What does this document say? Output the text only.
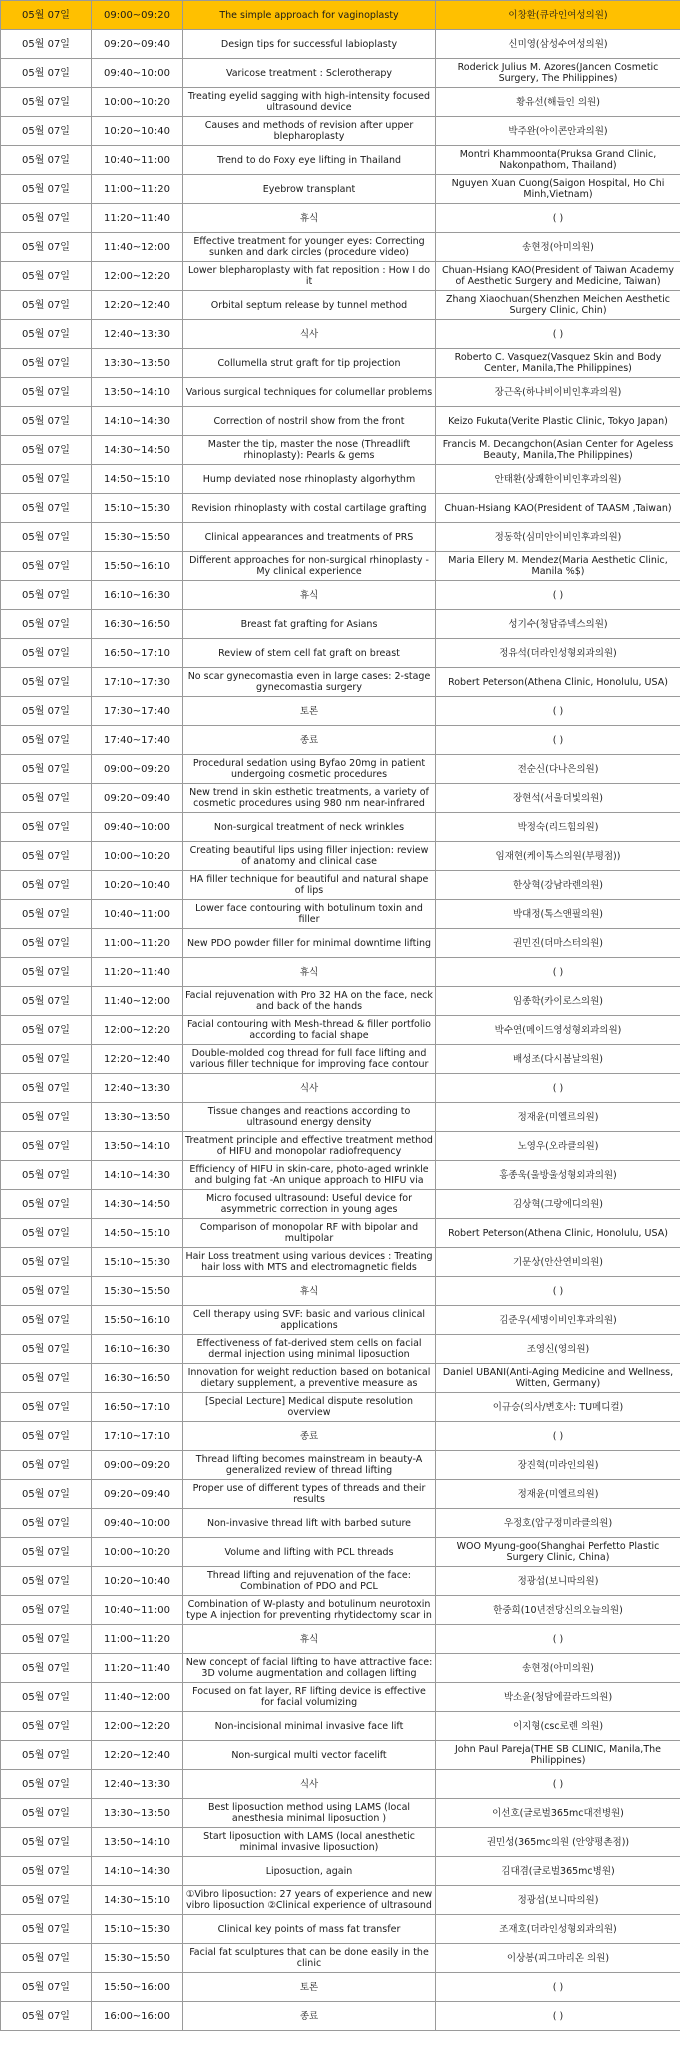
05월 07일	09:00~09:20	The simple approach for vaginoplasty	이창환(큐라인여성의원)
05월 07일	09:20~09:40	Design tips for successful labioplasty	신미영(삼성수여성의원)
05월 07일	09:40~10:00	Varicose treatment : Sclerotherapy	Roderick Julius M. Azores(Jancen Cosmetic Surgery, The Philippines)
05월 07일	10:00~10:20	Treating eyelid sagging with high-intensity focused ultrasound device	황유선(해들인 의원)
05월 07일	10:20~10:40	Causes and methods of revision after upper blepharoplasty	박주완(아이콘안과의원)
05월 07일	10:40~11:00	Trend to do Foxy eye lifting in Thailand	Montri Khammoonta(Pruksa Grand Clinic, Nakonpathom, Thailand)
05월 07일	11:00~11:20	Eyebrow transplant	Nguyen Xuan Cuong(Saigon Hospital, Ho Chi Minh,Vietnam)
05월 07일	11:20~11:40	휴식	( )
05월 07일	11:40~12:00	Effective treatment for younger eyes: Correcting sunken and dark circles (procedure video)	송현정(아미의원)
05월 07일	12:00~12:20	Lower blepharoplasty with fat reposition : How I do it	Chuan-Hsiang KAO(President of Taiwan Academy of Aesthetic Surgery and Medicine, Taiwan)
05월 07일	12:20~12:40	Orbital septum release by tunnel method	Zhang Xiaochuan(Shenzhen Meichen Aesthetic Surgery Clinic, Chin)
05월 07일	12:40~13:30	식사	( )
05월 07일	13:30~13:50	Collumella strut graft for tip projection	Roberto C. Vasquez(Vasquez Skin and Body Center, Manila,The Philippines)
05월 07일	13:50~14:10	Various surgical techniques for columellar problems	장근옥(하나비이비인후과의원)
05월 07일	14:10~14:30	Correction of nostril show from the front	Keizo Fukuta(Verite Plastic Clinic, Tokyo Japan)
05월 07일	14:30~14:50	Master the tip, master the nose (Threadlift rhinoplasty): Pearls & gems	Francis M. Decangchon(Asian Center for Ageless Beauty, Manila,The Philippines)
05월 07일	14:50~15:10	Hump deviated nose rhinoplasty algorhythm	안태환(상쾌한이비인후과의원)
05월 07일	15:10~15:30	Revision rhinoplasty with costal cartilage grafting	Chuan-Hsiang KAO(President of TAASM ,Taiwan)
05월 07일	15:30~15:50	Clinical appearances and treatments of PRS	정동학(심미안이비인후과의원)
05월 07일	15:50~16:10	Different approaches for non-surgical rhinoplasty - My clinical experience	Maria Ellery M. Mendez(Maria Aesthetic Clinic, Manila %$)
05월 07일	16:10~16:30	휴식	( )
05월 07일	16:30~16:50	Breast fat grafting for Asians	성기수(청담쥬넥스의원)
05월 07일	16:50~17:10	Review of stem cell fat graft on breast	정유석(더라인성형외과의원)
05월 07일	17:10~17:30	No scar gynecomastia even in large cases: 2-stage gynecomastia surgery	Robert Peterson(Athena Clinic, Honolulu, USA)
05월 07일	17:30~17:40	토론	( )
05월 07일	17:40~17:40	종료	( )
05월 07일	09:00~09:20	Procedural sedation using Byfao 20mg in patient undergoing cosmetic procedures	전순신(다나은의원)
05월 07일	09:20~09:40	New trend in skin esthetic treatments, a variety of cosmetic procedures using 980 nm near-infrared	장현석(서울더빛의원)
05월 07일	09:40~10:00	Non-surgical treatment of neck wrinkles	박정숙(리드힘의원)
05월 07일	10:00~10:20	Creating beautiful lips using filler injection: review of anatomy and clinical case	임재현(케이톡스의원(부평점))
05월 07일	10:20~10:40	HA filler technique for beautiful and natural shape of lips	한상혁(강남라렌의원)
05월 07일	10:40~11:00	Lower face contouring with botulinum toxin and filler	박대정(톡스앤필의원)
05월 07일	11:00~11:20	New PDO powder filler for minimal downtime lifting	권민진(더마스터의원)
05월 07일	11:20~11:40	휴식	( )
05월 07일	11:40~12:00	Facial rejuvenation with Pro 32 HA on the face, neck and back of the hands	임종학(카이로스의원)
05월 07일	12:00~12:20	Facial contouring with Mesh-thread & filler portfolio according to facial shape	박수연(메이드영성형외과의원)
05월 07일	12:20~12:40	Double-molded cog thread for full face lifting and various filler technique for improving face contour	배성조(다시봄날의원)
05월 07일	12:40~13:30	식사	( )
05월 07일	13:30~13:50	Tissue changes and reactions according to ultrasound energy density	정재윤(미엘르의원)
05월 07일	13:50~14:10	Treatment principle and effective treatment method of HIFU and monopolar radiofrequency	노영우(오라클의원)
05월 07일	14:10~14:30	Efficiency of HIFU in skin-care, photo-aged wrinkle and bulging fat -An unique approach to HIFU via	홍종욱(울방울성형외과의원)
05월 07일	14:30~14:50	Micro focused ultrasound: Useful device for asymmetric correction in young ages	김상혁(그랑에디의원)
05월 07일	14:50~15:10	Comparison of monopolar RF with bipolar and multipolar	Robert Peterson(Athena Clinic, Honolulu, USA)
05월 07일	15:10~15:30	Hair Loss treatment using various devices : Treating hair loss with MTS and electromagnetic fields	기문상(안산연비의원)
05월 07일	15:30~15:50	휴식	( )
05월 07일	15:50~16:10	Cell therapy using SVF: basic and various clinical applications	김준우(세명이비인후과의원)
05월 07일	16:10~16:30	Effectiveness of fat-derived stem cells on facial dermal injection using minimal liposuction	조영신(영의원)
05월 07일	16:30~16:50	Innovation for weight reduction based on botanical dietary supplement, a preventive measure as	Daniel UBANI(Anti-Aging Medicine and Wellness, Witten, Germany)
05월 07일	16:50~17:10	[Special Lecture] Medical dispute resolution overview	이규승(의사/변호사: TU메디컬)
05월 07일	17:10~17:10	종료	( )
05월 07일	09:00~09:20	Thread lifting becomes mainstream in beauty-A generalized review of thread lifting	장진혁(미라인의원)
05월 07일	09:20~09:40	Proper use of different types of threads and their results	정재윤(미엘르의원)
05월 07일	09:40~10:00	Non-invasive thread lift with barbed suture	우정호(압구정미라클의원)
05월 07일	10:00~10:20	Volume and lifting with PCL threads	WOO Myung-goo(Shanghai Perfetto Plastic Surgery Clinic, China)
05월 07일	10:20~10:40	Thread lifting and rejuvenation of the face: Combination of PDO and PCL	정광섭(보니따의원)
05월 07일	10:40~11:00	Combination of W-plasty and botulinum neurotoxin type A injection for preventing rhytidectomy scar in	한중희(10년전당신의오늘의원)
05월 07일	11:00~11:20	휴식	( )
05월 07일	11:20~11:40	New concept of facial lifting to have attractive face: 3D volume augmentation and collagen lifting	송현정(아미의원)
05월 07일	11:40~12:00	Focused on fat layer, RF lifting device is effective for facial volumizing	박소윤(청담에끌라드의원)
05월 07일	12:00~12:20	Non-incisional minimal invasive face lift	이지형(csc로렌 의원)
05월 07일	12:20~12:40	Non-surgical multi vector facelift	John Paul Pareja(THE SB CLINIC, Manila,The Philippines)
05월 07일	12:40~13:30	식사	( )
05월 07일	13:30~13:50	Best liposuction method using LAMS (local anesthesia minimal liposuction )	이선호(글로벌365mc대전병원)
05월 07일	13:50~14:10	Start liposuction with LAMS (local anesthetic minimal invasive liposuction)	권민성(365mc의원 (안양평촌점))
05월 07일	14:10~14:30	Liposuction, again	김대겸(글로벌365mc병원)
05월 07일	14:30~15:10	①Vibro liposuction: 27 years of experience and new vibro liposuction ②Clinical experience of ultrasound	정광섭(보니따의원)
05월 07일	15:10~15:30	Clinical key points of mass fat transfer	조재호(더라인성형외과의원)
05월 07일	15:30~15:50	Facial fat sculptures that can be done easily in the clinic	이상봉(피그마리온 의원)
05월 07일	15:50~16:00	토론	( )
05월 07일	16:00~16:00	종료	( )
